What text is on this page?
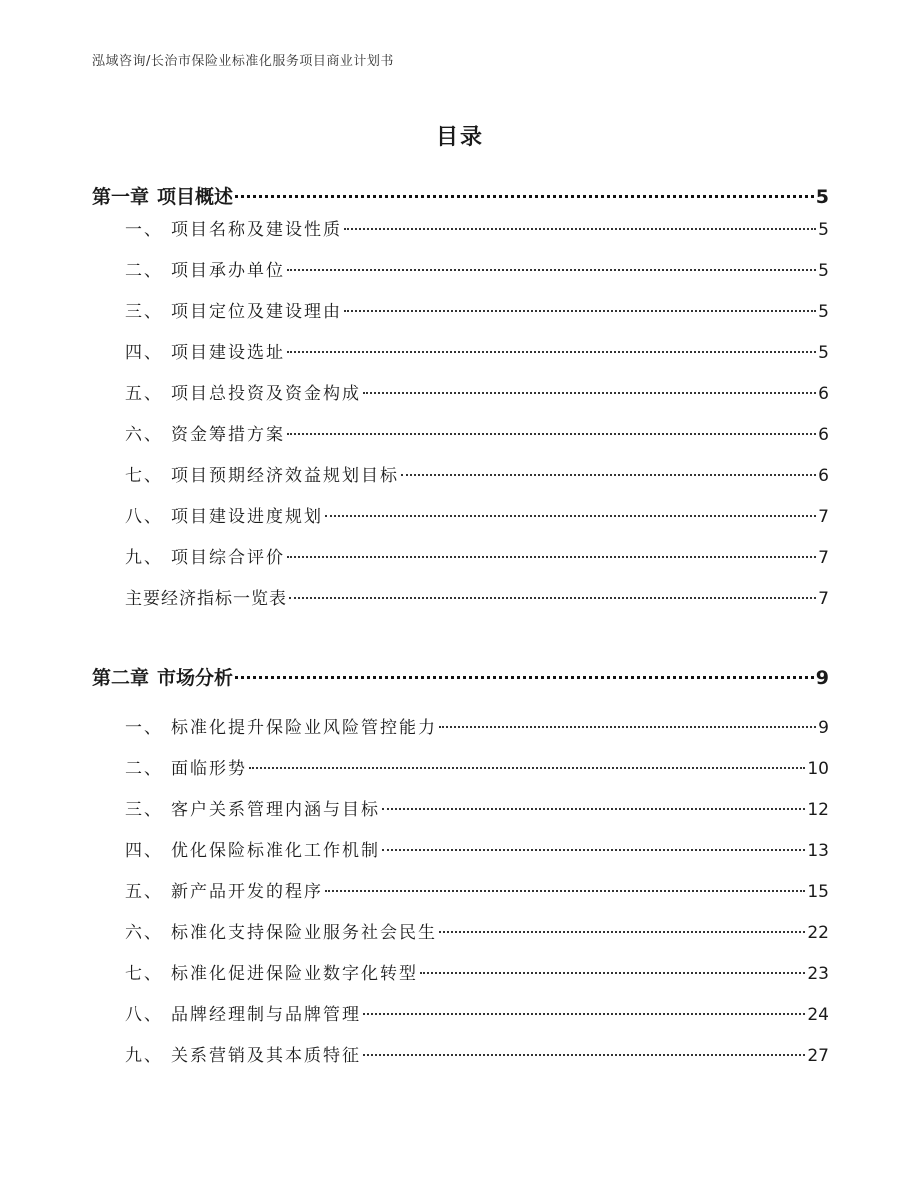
泓域咨询/长治市保险业标准化服务项目商业计划书
目录
第一章 项目概述	5
一、 项目名称及建设性质	5
二、 项目承办单位	5
三、 项目定位及建设理由	5
四、 项目建设选址	5
五、 项目总投资及资金构成	6
六、 资金筹措方案	6
七、 项目预期经济效益规划目标	6
八、 项目建设进度规划	7
九、 项目综合评价	7
主要经济指标一览表	7
第二章 市场分析	9
一、 标准化提升保险业风险管控能力	9
二、 面临形势	10
三、 客户关系管理内涵与目标	12
四、 优化保险标准化工作机制	13
五、 新产品开发的程序	15
六、 标准化支持保险业服务社会民生	22
七、 标准化促进保险业数字化转型	23
八、 品牌经理制与品牌管理	24
九、 关系营销及其本质特征	27
